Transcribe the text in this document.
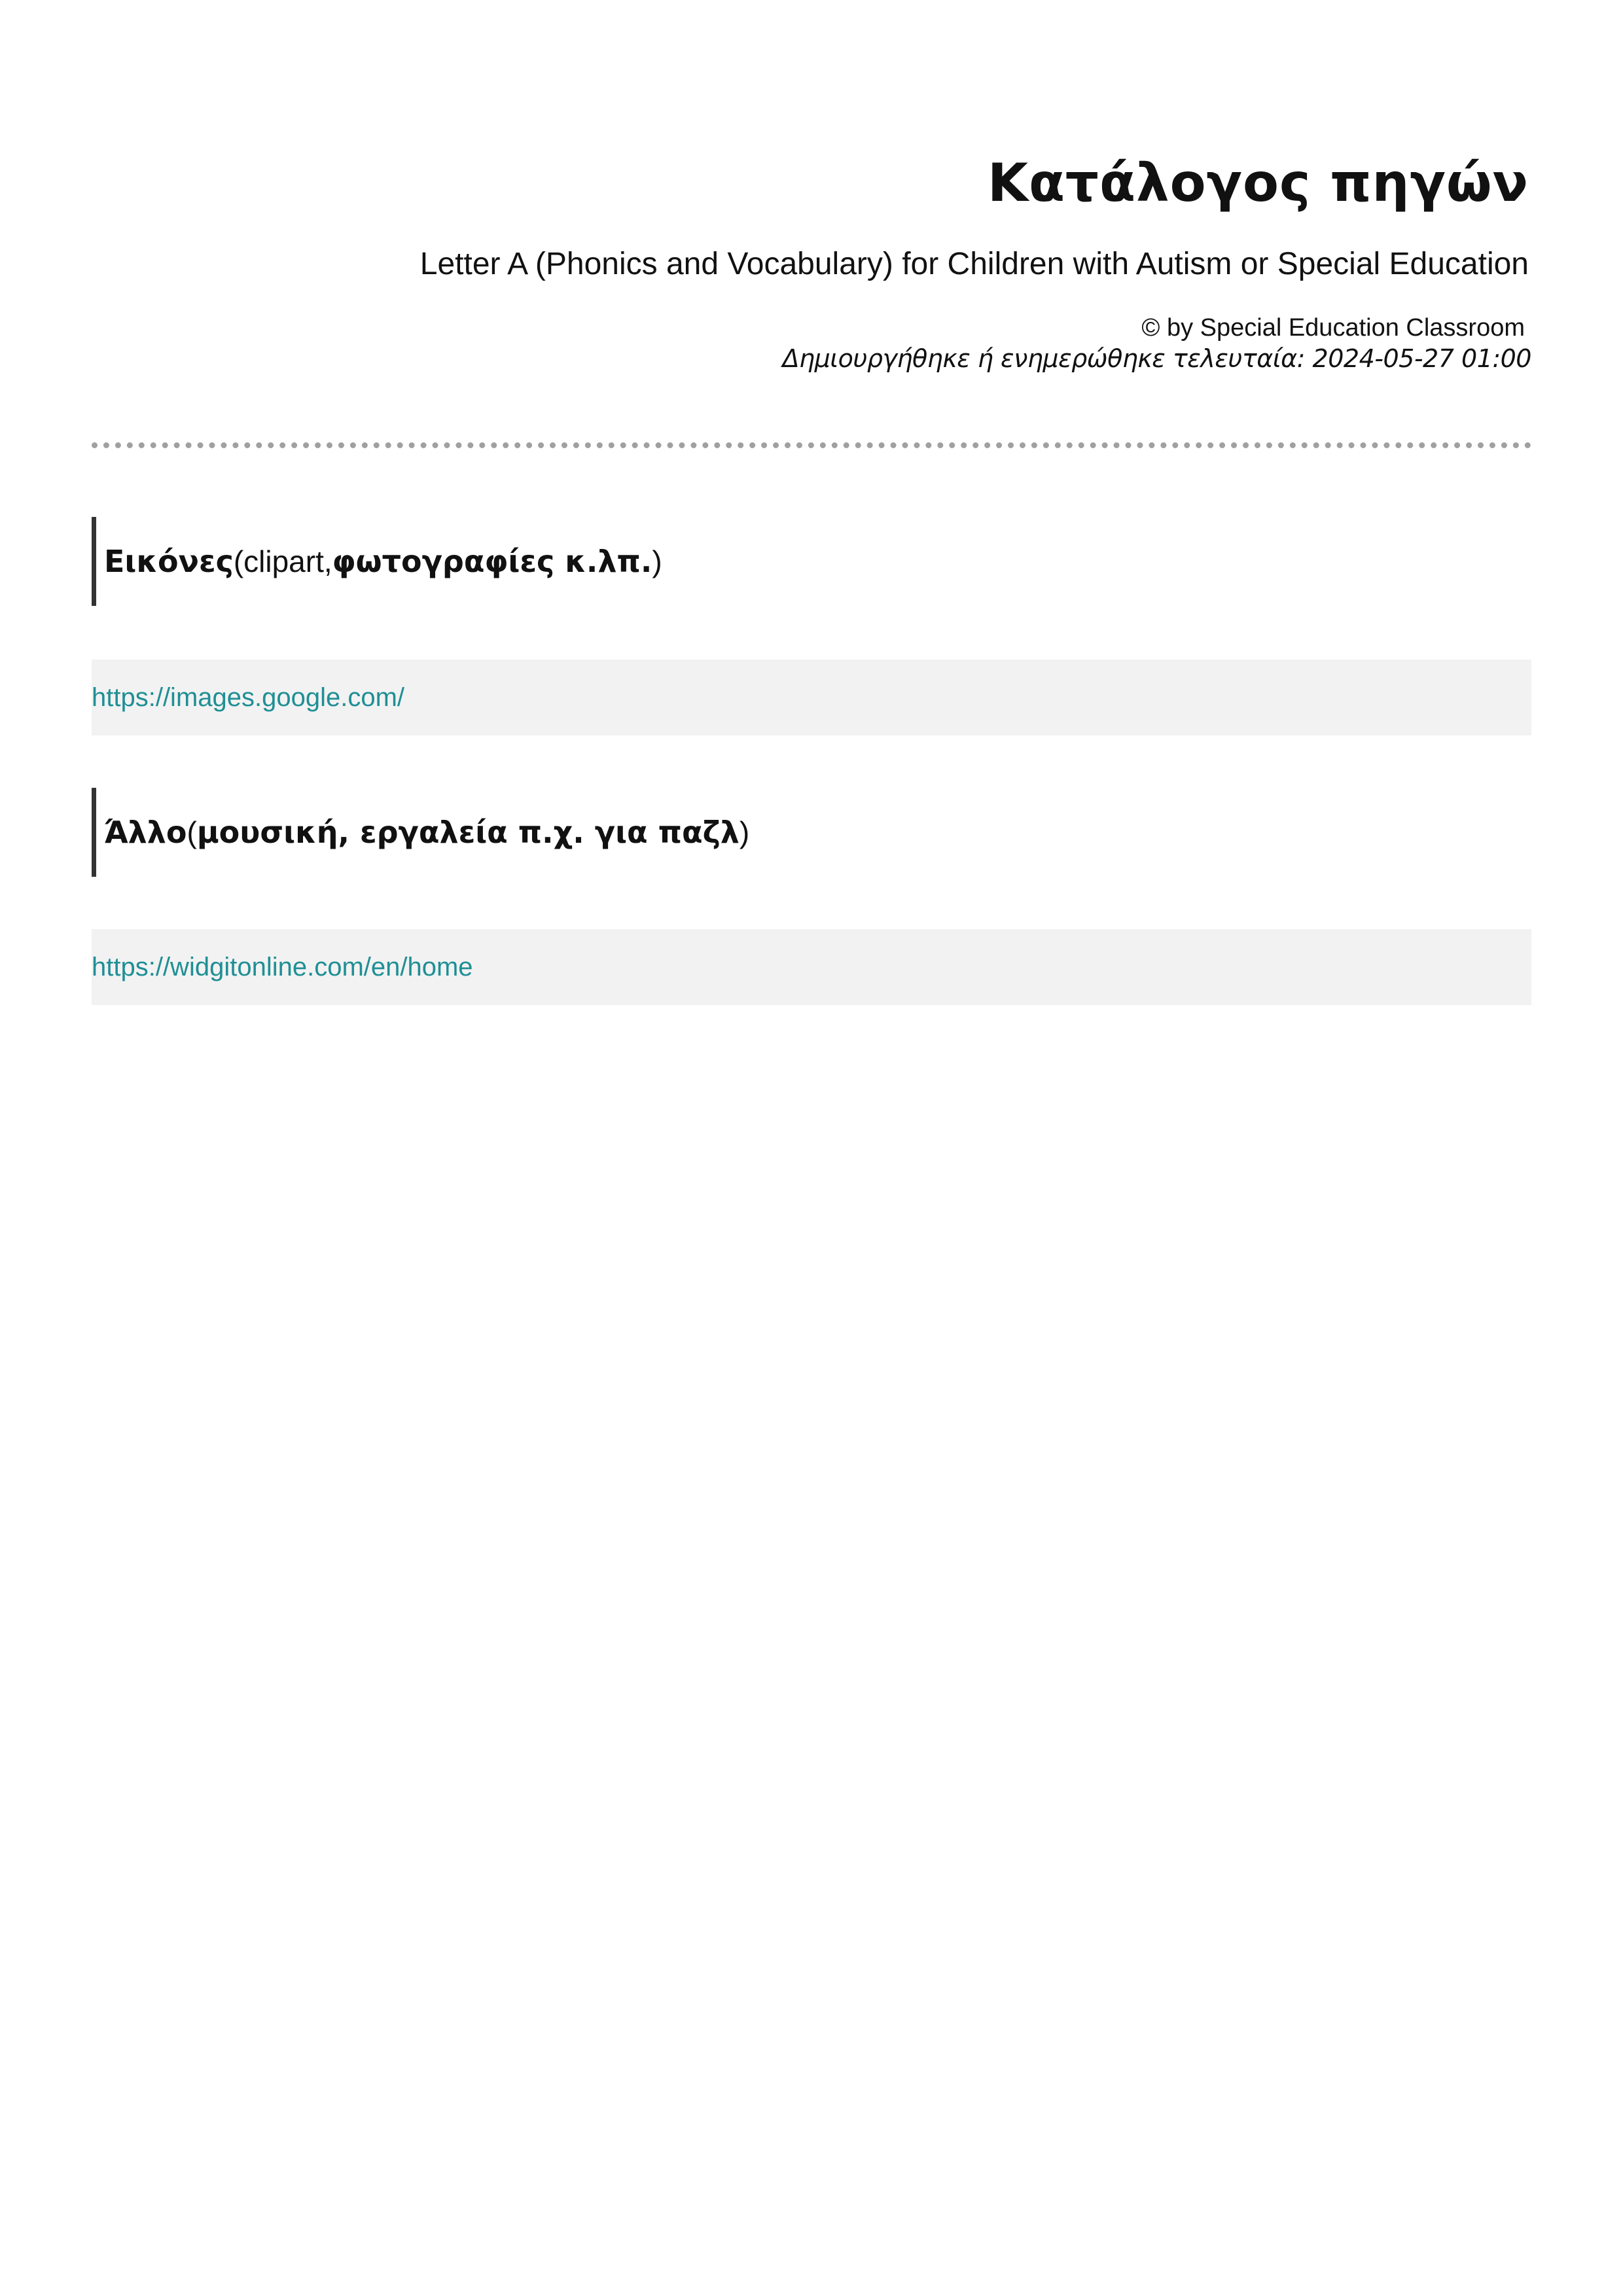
Κατάλογος πηγών
Letter A (Phonics and Vocabulary) for Children with Autism or Special Education
© by Special Education Classroom
Δημιουργήθηκε ή ενημερώθηκε τελευταία: 2024-05-27 01:00
Εικόνες (clipart, φωτογραφίες κ.λπ. )
https://images.google.com/
Άλλο ( μουσική, εργαλεία π.χ. για παζλ )
https://widgitonline.com/en/home
